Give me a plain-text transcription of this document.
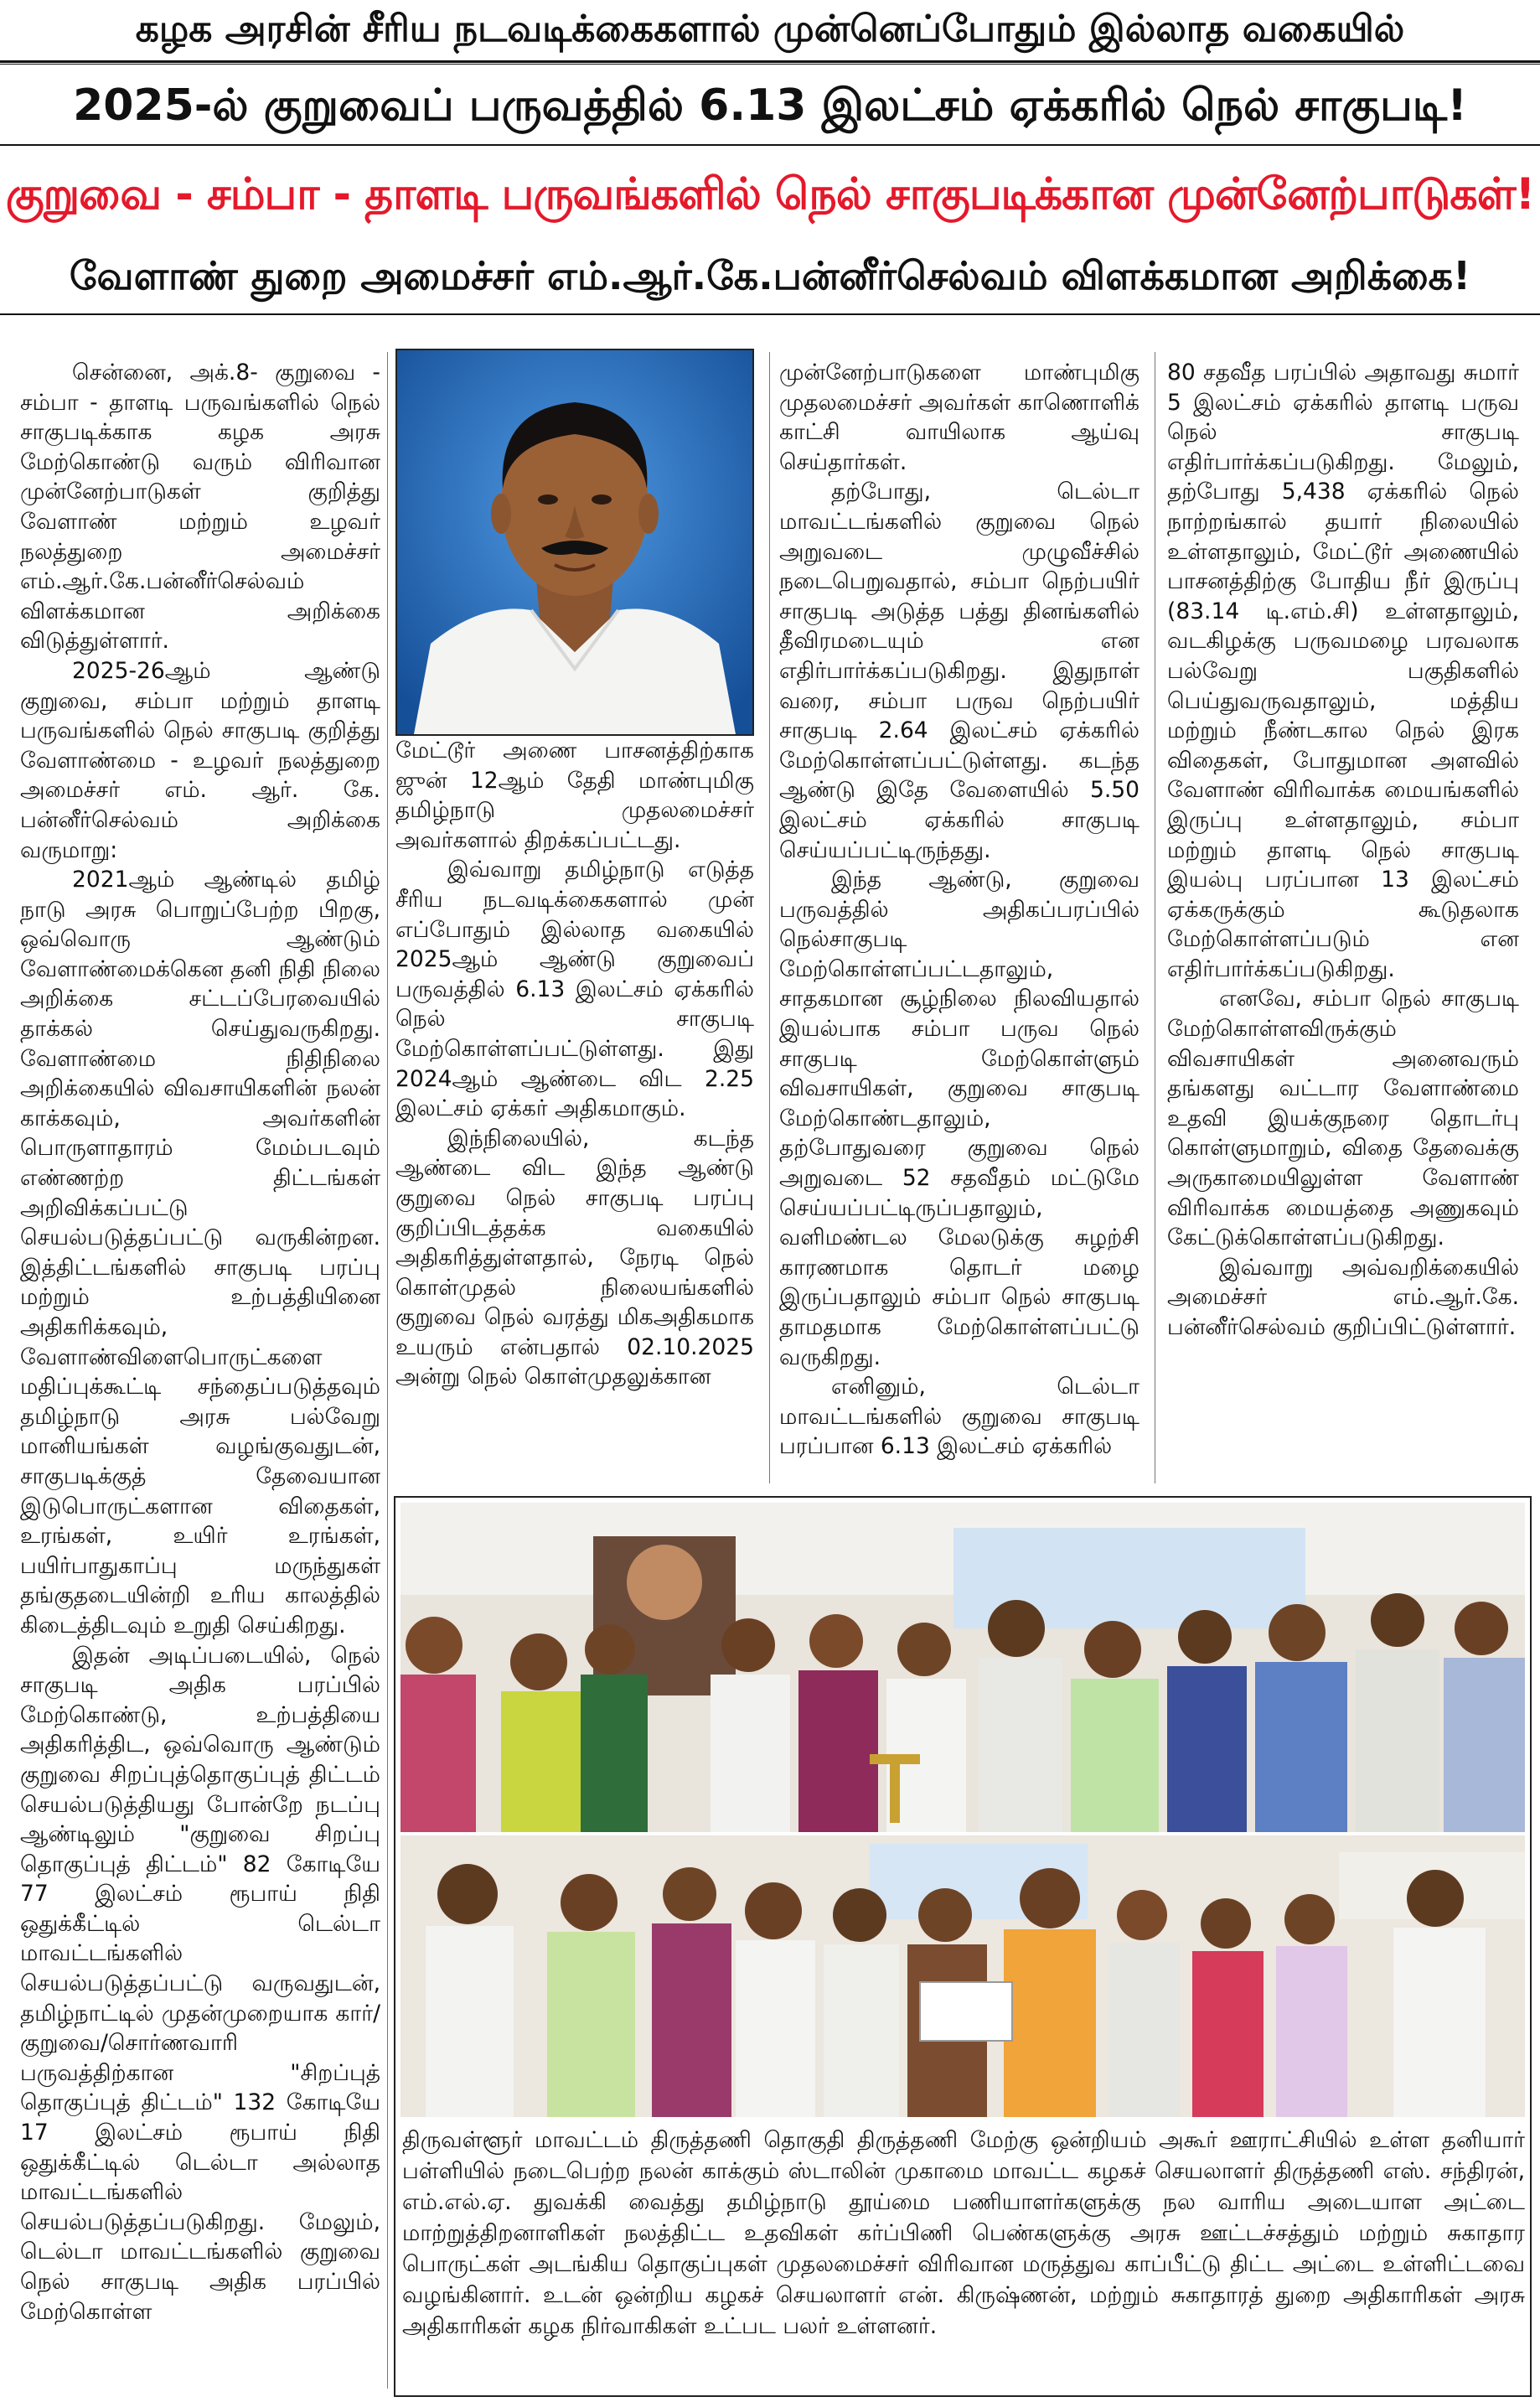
கழக அரசின் சீரிய நடவடிக்கைகளால் முன்னெப்போதும் இல்லாத வகையில்
2025-ல் குறுவைப் பருவத்தில் 6.13 இலட்சம் ஏக்கரில் நெல் சாகுபடி!
குறுவை - சம்பா - தாளடி பருவங்களில் நெல் சாகுபடிக்கான முன்னேற்பாடுகள்!
வேளாண் துறை அமைச்சர் எம்.ஆர்.கே.பன்னீர்செல்வம் விளக்கமான அறிக்கை!

சென்னை, அக்.8- குறுவை - சம்பா - தாளடி பருவங்களில் நெல் சாகுபடிக்காக கழக அரசு மேற்கொண்டு வரும் விரிவான முன்னேற்பாடுகள் குறித்து வேளாண் மற்றும் உழவர் நலத்துறை அமைச்சர் எம்.ஆர்.கே.பன்னீர்செல்வம் விளக்கமான அறிக்கை விடுத்துள்ளார்.

2025-26ஆம் ஆண்டு குறுவை, சம்பா மற்றும் தாளடி பருவங்களில் நெல் சாகுபடி குறித்து வேளாண்மை - உழவர் நலத்துறை அமைச்சர் எம். ஆர். கே. பன்னீர்செல்வம் அறிக்கை வருமாறு:

2021ஆம் ஆண்டில் தமிழ் நாடு அரசு பொறுப்பேற்ற பிறகு, ஒவ்வொரு ஆண்டும் வேளாண்மைக்கென தனி நிதி நிலை அறிக்கை சட்டப்பேரவையில் தாக்கல் செய்துவருகிறது. வேளாண்மை நிதிநிலை அறிக்கையில் விவசாயிகளின் நலன் காக்கவும், அவர்களின் பொருளாதாரம் மேம்படவும் எண்ணற்ற திட்டங்கள் அறிவிக்கப்பட்டு செயல்படுத்தப்பட்டு வருகின்றன. இத்திட்டங்களில் சாகுபடி பரப்பு மற்றும் உற்பத்தியினை அதிகரிக்கவும், வேளாண்விளைபொருட்களை மதிப்புக்கூட்டி சந்தைப்படுத்தவும் தமிழ்நாடு அரசு பல்வேறு மானியங்கள் வழங்குவதுடன், சாகுபடிக்குத் தேவையான இடுபொருட்களான விதைகள், உரங்கள், உயிர் உரங்கள், பயிர்பாதுகாப்பு மருந்துகள் தங்குதடையின்றி உரிய காலத்தில் கிடைத்திடவும் உறுதி செய்கிறது.

இதன் அடிப்படையில், நெல் சாகுபடி அதிக பரப்பில் மேற்கொண்டு, உற்பத்தியை அதிகரித்திட, ஒவ்வொரு ஆண்டும் குறுவை சிறப்புத்தொகுப்புத் திட்டம் செயல்படுத்தியது போன்றே நடப்பு ஆண்டிலும் "குறுவை சிறப்பு தொகுப்புத் திட்டம்" 82 கோடியே 77 இலட்சம் ரூபாய் நிதி ஒதுக்கீட்டில் டெல்டா மாவட்டங்களில் செயல்படுத்தப்பட்டு வருவதுடன், தமிழ்நாட்டில் முதன்முறையாக கார்/குறுவை/சொர்ணவாரி பருவத்திற்கான "சிறப்புத் தொகுப்புத் திட்டம்" 132 கோடியே 17 இலட்சம் ரூபாய் நிதி ஒதுக்கீட்டில் டெல்டா அல்லாத மாவட்டங்களில் செயல்படுத்தப்படுகிறது. மேலும், டெல்டா மாவட்டங்களில் குறுவை நெல் சாகுபடி அதிக பரப்பில் மேற்கொள்ள

மேட்டூர் அணை பாசனத்திற்காக ஜுன் 12ஆம் தேதி மாண்புமிகு தமிழ்நாடு முதலமைச்சர் அவர்களால் திறக்கப்பட்டது.

இவ்வாறு தமிழ்நாடு எடுத்த சீரிய நடவடிக்கைகளால் முன் எப்போதும் இல்லாத வகையில் 2025ஆம் ஆண்டு குறுவைப் பருவத்தில் 6.13 இலட்சம் ஏக்கரில் நெல் சாகுபடி மேற்கொள்ளப்பட்டுள்ளது. இது 2024ஆம் ஆண்டை விட 2.25 இலட்சம் ஏக்கர் அதிகமாகும்.

இந்நிலையில், கடந்த ஆண்டை விட இந்த ஆண்டு குறுவை நெல் சாகுபடி பரப்பு குறிப்பிடத்தக்க வகையில் அதிகரித்துள்ளதால், நேரடி நெல் கொள்முதல் நிலையங்களில் குறுவை நெல் வரத்து மிகஅதிகமாக உயரும் என்பதால் 02.10.2025 அன்று நெல் கொள்முதலுக்கான

முன்னேற்பாடுகளை மாண்புமிகு முதலமைச்சர் அவர்கள் காணொளிக் காட்சி வாயிலாக ஆய்வு செய்தார்கள்.

தற்போது, டெல்டா மாவட்டங்களில் குறுவை நெல் அறுவடை முழுவீச்சில் நடைபெறுவதால், சம்பா நெற்பயிர் சாகுபடி அடுத்த பத்து தினங்களில் தீவிரமடையும் என எதிர்பார்க்கப்படுகிறது. இதுநாள் வரை, சம்பா பருவ நெற்பயிர் சாகுபடி 2.64 இலட்சம் ஏக்கரில் மேற்கொள்ளப்பட்டுள்ளது. கடந்த ஆண்டு இதே வேளையில் 5.50 இலட்சம் ஏக்கரில் சாகுபடி செய்யப்பட்டிருந்தது.

இந்த ஆண்டு, குறுவை பருவத்தில் அதிகப்பரப்பில் நெல்சாகுபடி மேற்கொள்ளப்பட்டதாலும், சாதகமான சூழ்நிலை நிலவியதால் இயல்பாக சம்பா பருவ நெல் சாகுபடி மேற்கொள்ளும் விவசாயிகள், குறுவை சாகுபடி மேற்கொண்டதாலும், தற்போதுவரை குறுவை நெல் அறுவடை 52 சதவீதம் மட்டுமே செய்யப்பட்டிருப்பதாலும், வளிமண்டல மேலடுக்கு சுழற்சி காரணமாக தொடர் மழை இருப்பதாலும் சம்பா நெல் சாகுபடி தாமதமாக மேற்கொள்ளப்பட்டு வருகிறது.

எனினும், டெல்டா மாவட்டங்களில் குறுவை சாகுபடி பரப்பான 6.13 இலட்சம் ஏக்கரில்

80 சதவீத பரப்பில் அதாவது சுமார் 5 இலட்சம் ஏக்கரில் தாளடி பருவ நெல் சாகுபடி எதிர்பார்க்கப்படுகிறது. மேலும், தற்போது 5,438 ஏக்கரில் நெல் நாற்றங்கால் தயார் நிலையில் உள்ளதாலும், மேட்டூர் அணையில் பாசனத்திற்கு போதிய நீர் இருப்பு (83.14 டி.எம்.சி) உள்ளதாலும், வடகிழக்கு பருவமழை பரவலாக பல்வேறு பகுதிகளில் பெய்துவருவதாலும், மத்திய மற்றும் நீண்டகால நெல் இரக விதைகள், போதுமான அளவில் வேளாண் விரிவாக்க மையங்களில் இருப்பு உள்ளதாலும், சம்பா மற்றும் தாளடி நெல் சாகுபடி இயல்பு பரப்பான 13 இலட்சம் ஏக்கருக்கும் கூடுதலாக மேற்கொள்ளப்படும் என எதிர்பார்க்கப்படுகிறது.

எனவே, சம்பா நெல் சாகுபடி மேற்கொள்ளவிருக்கும் விவசாயிகள் அனைவரும் தங்களது வட்டார வேளாண்மை உதவி இயக்குநரை தொடர்பு கொள்ளுமாறும், விதை தேவைக்கு அருகாமையிலுள்ள வேளாண் விரிவாக்க மையத்தை அணுகவும் கேட்டுக்கொள்ளப்படுகிறது.

இவ்வாறு அவ்வறிக்கையில் அமைச்சர் எம்.ஆர்.கே. பன்னீர்செல்வம் குறிப்பிட்டுள்ளார்.

திருவள்ளூர் மாவட்டம் திருத்தணி தொகுதி திருத்தணி மேற்கு ஒன்றியம் அகூர் ஊராட்சியில் உள்ள தனியார் பள்ளியில் நடைபெற்ற நலன் காக்கும் ஸ்டாலின் முகாமை மாவட்ட கழகச் செயலாளர் திருத்தணி எஸ். சந்திரன், எம்.எல்.ஏ. துவக்கி வைத்து தமிழ்நாடு தூய்மை பணியாளர்களுக்கு நல வாரிய அடையாள அட்டை மாற்றுத்திறனாளிகள் நலத்திட்ட உதவிகள் கர்ப்பிணி பெண்களுக்கு அரசு ஊட்டச்சத்தும் மற்றும் சுகாதார பொருட்கள் அடங்கிய தொகுப்புகள் முதலமைச்சர் விரிவான மருத்துவ காப்பீட்டு திட்ட அட்டை உள்ளிட்டவை வழங்கினார். உடன் ஒன்றிய கழகச் செயலாளர் என். கிருஷ்ணன், மற்றும் சுகாதாரத் துறை அதிகாரிகள் அரசு அதிகாரிகள் கழக நிர்வாகிகள் உட்பட பலர் உள்ளனர்.
